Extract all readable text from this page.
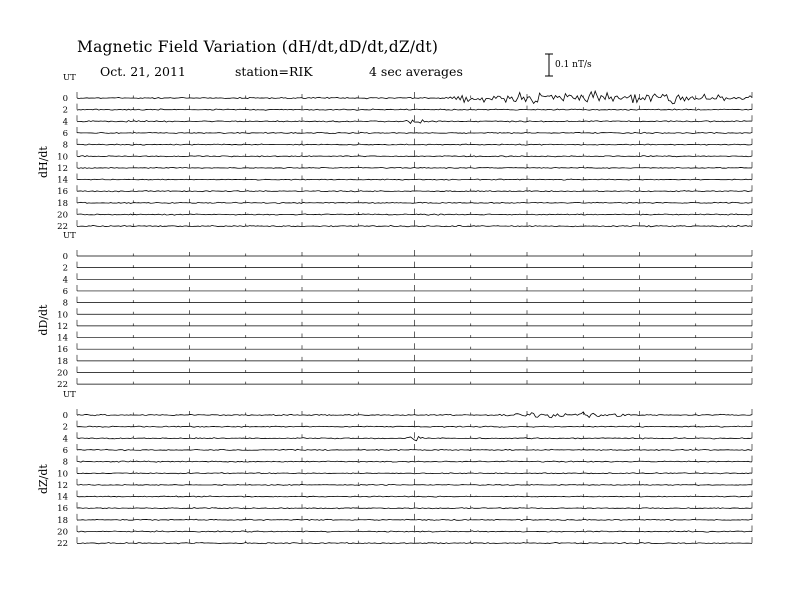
Magnetic Field Variation (dH/dt,dD/dt,dZ/dt)
Oct. 21, 2011	station=RIK	4 sec averages	0.1 nT/s
UT
dH/dt
0
2
4
6
8
10
12
14
16
18
20
22
UT
dD/dt
0
2
4
6
8
10
12
14
16
18
20
22
UT
dZ/dt
0
2
4
6
8
10
12
14
16
18
20
22
